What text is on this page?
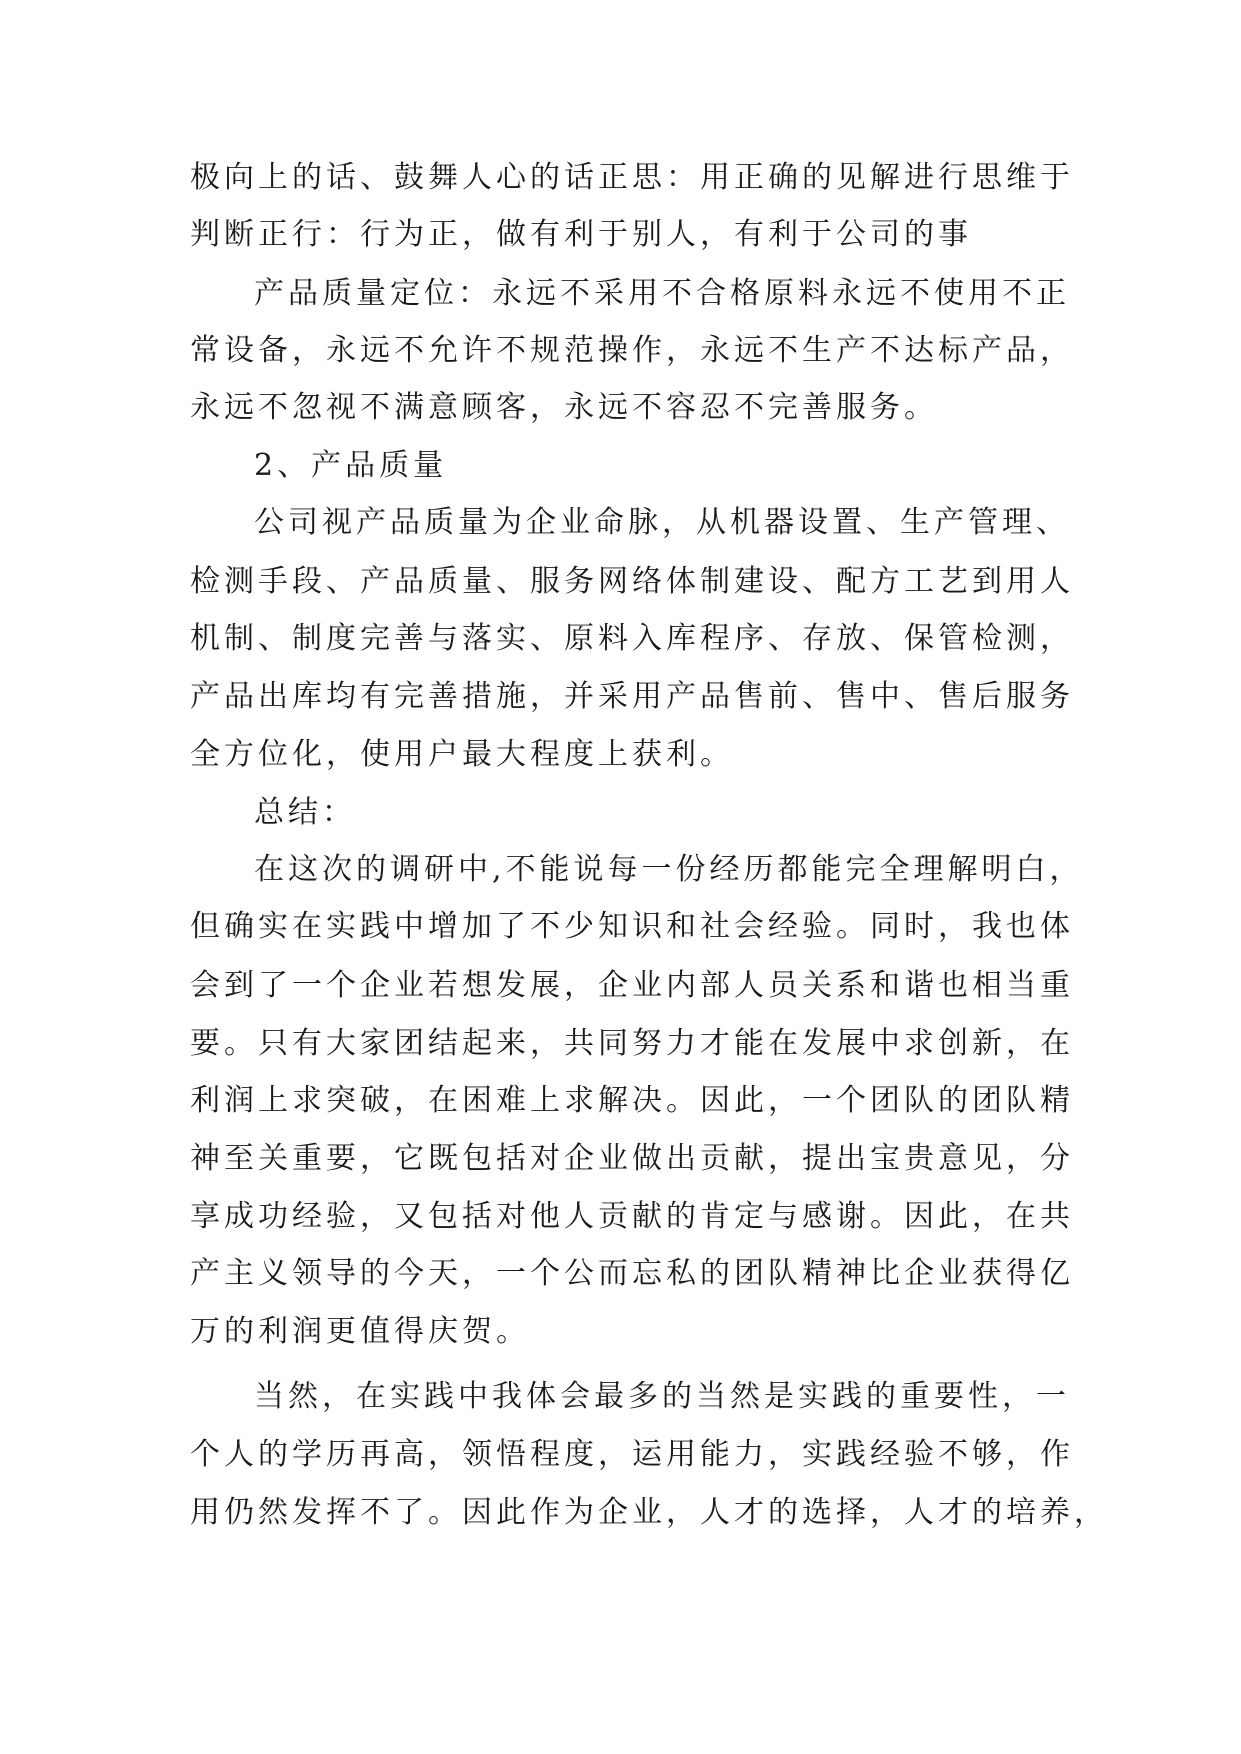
极向上的话、鼓舞人心的话正思：用正确的见解进行思维于
判断正行：行为正，做有利于别人，有利于公司的事
产品质量定位：永远不采用不合格原料永远不使用不正
常设备，永远不允许不规范操作，永远不生产不达标产品，
永远不忽视不满意顾客，永远不容忍不完善服务。
2、产品质量
公司视产品质量为企业命脉，从机器设置、生产管理、
检测手段、产品质量、服务网络体制建设、配方工艺到用人
机制、制度完善与落实、原料入库程序、存放、保管检测，
产品出库均有完善措施，并采用产品售前、售中、售后服务
全方位化，使用户最大程度上获利。
总结：
在这次的调研中,不能说每一份经历都能完全理解明白，
但确实在实践中增加了不少知识和社会经验。同时，我也体
会到了一个企业若想发展，企业内部人员关系和谐也相当重
要。只有大家团结起来，共同努力才能在发展中求创新，在
利润上求突破，在困难上求解决。因此，一个团队的团队精
神至关重要，它既包括对企业做出贡献，提出宝贵意见，分
享成功经验，又包括对他人贡献的肯定与感谢。因此，在共
产主义领导的今天，一个公而忘私的团队精神比企业获得亿
万的利润更值得庆贺。
当然，在实践中我体会最多的当然是实践的重要性，一
个人的学历再高，领悟程度，运用能力，实践经验不够，作
用仍然发挥不了。因此作为企业，人才的选择，人才的培养，
